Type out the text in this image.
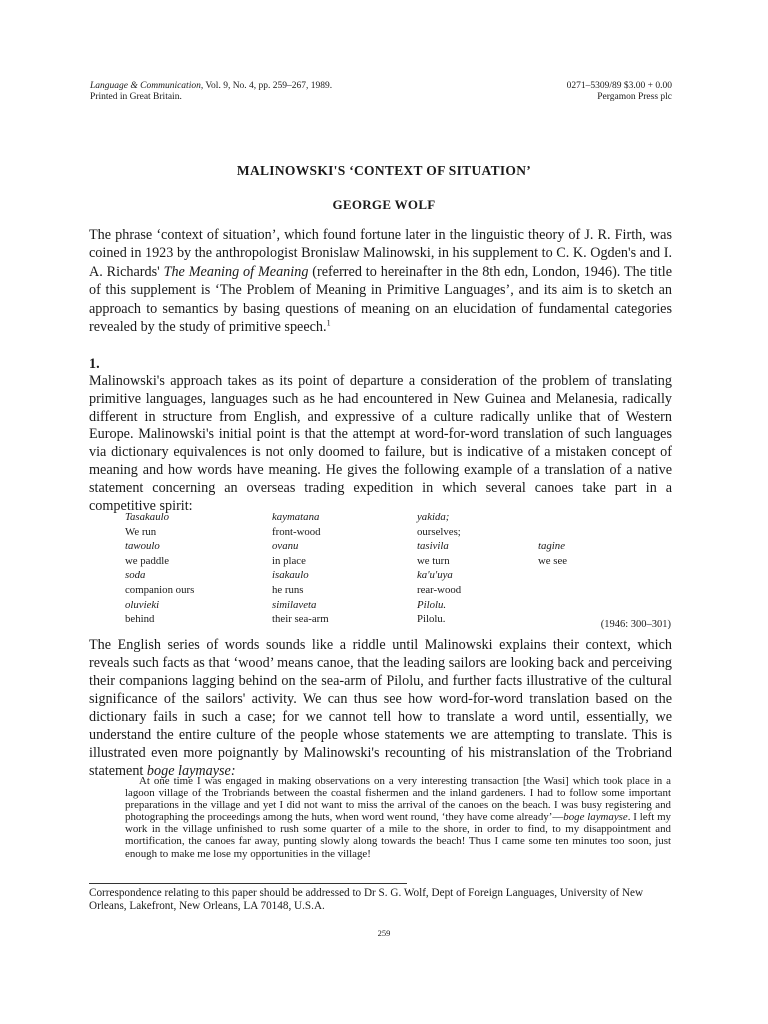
Language & Communication, Vol. 9, No. 4, pp. 259–267, 1989.
Printed in Great Britain.
0271–5309/89 $3.00 + 0.00
Pergamon Press plc
MALINOWSKI'S ‘CONTEXT OF SITUATION’
GEORGE WOLF

The phrase ‘context of situation’, which found fortune later in the linguistic theory of J. R. Firth, was coined in 1923 by the anthropologist Bronislaw Malinowski, in his supplement to C. K. Ogden's and I. A. Richards' The Meaning of Meaning (referred to hereinafter in the 8th edn, London, 1946). The title of this supplement is ‘The Problem of Meaning in Primitive Languages’, and its aim is to sketch an approach to semantics by basing questions of meaning on an elucidation of fundamental categories revealed by the study of primitive speech.$^1$

1.

Malinowski's approach takes as its point of departure a consideration of the problem of translating primitive languages, languages such as he had encountered in New Guinea and Melanesia, radically different in structure from English, and expressive of a culture radically unlike that of Western Europe. Malinowski's initial point is that the attempt at word-for-word translation of such languages via dictionary equivalences is not only doomed to failure, but is indicative of a mistaken concept of meaning and how words have meaning. He gives the following example of a translation of a native statement concerning an overseas trading expedition in which several canoes take part in a competitive spirit:

Tasakaulo
We run
tawoulo
we paddle
soda
companion ours
oluvieki
behind
kaymatana
front-wood
ovanu
in place
isakaulo
he runs
similaveta
their sea-arm
yakida;
ourselves;
tasivila
we turn
ka'u'uya
rear-wood
Pilolu.
Pilolu.

tagine
we see
(1946: 300–301)

The English series of words sounds like a riddle until Malinowski explains their context, which reveals such facts as that ‘wood’ means canoe, that the leading sailors are looking back and perceiving their companions lagging behind on the sea-arm of Pilolu, and further facts illustrative of the cultural significance of the sailors' activity. We can thus see how word-for-word translation based on the dictionary fails in such a case; for we cannot tell how to translate a word until, essentially, we understand the entire culture of the people whose statements we are attempting to translate. This is illustrated even more poignantly by Malinowski's recounting of his mistranslation of the Trobriand statement boge laymayse:

At one time I was engaged in making observations on a very interesting transaction [the Wasi] which took place in a lagoon village of the Trobriands between the coastal fishermen and the inland gardeners. I had to follow some important preparations in the village and yet I did not want to miss the arrival of the canoes on the beach. I was busy registering and photographing the proceedings among the huts, when word went round, ‘they have come already’—boge laymayse. I left my work in the village unfinished to rush some quarter of a mile to the shore, in order to find, to my disappointment and mortification, the canoes far away, punting slowly along towards the beach! Thus I came some ten minutes too soon, just enough to make me lose my opportunities in the village!

Correspondence relating to this paper should be addressed to Dr S. G. Wolf, Dept of Foreign Languages, University of New Orleans, Lakefront, New Orleans, LA 70148, U.S.A.

259
